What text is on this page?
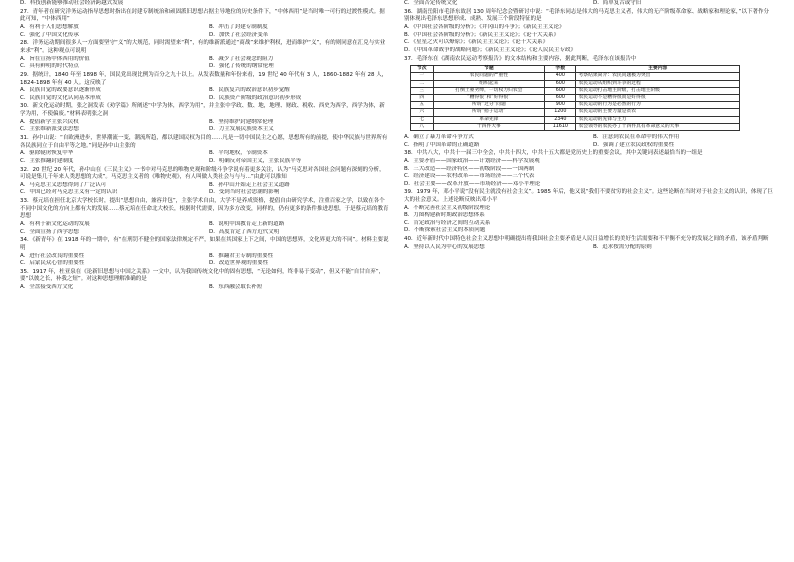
D．科技创新能够推动社会经济跨越式发展

27．青年者在研究洋务运动指导思想时指出在封建专制统治和顽固派旧思想占据主导地位的历史条件下，“中体西用”是当时唯一可行的过渡性模式。据此可知，“中体西用”

A．有利于人们思想解放	B．冲击了封建专制制度
C．强化了中国文化传承	D．加快了社会经济变革

28．洋务运动期间很多人一方面要坚守“义”的大规范，同时渴望来“利”，有的维新派通过“商战”来维护利权，进而维护“义”，有的则同意在汇兑与实业来求“利”。这种观点可说明

A．旨在宣扬中体西用的价值	B．减少了社会观念的阻力
C．具有鲜明的时代特点	D．强化了传统的纲常伦理

29．据统计，1840 年至 1898 年，国民党出现比例为百分之九十以上。从发表数量和年份来看，19 世纪 40 年代有 3 人，1860-1882 年有 28 人，1824-1898 年有 40 人。这反映了

A．民族自觉的政要意识逐渐形成	B．民族复兴的政治意识初步觉醒
C．民族自觉的文化认同基本形成	D．民族资产阶级的政治意识初步形成

30．新文化运动时期，张之洞发表《劝学篇》所阐述“中学为体，西学为用”，并主张中学政、数、地，地理、财政、税收、西史为西学，西学为体，新学为用，不使偏废。”材料表明张之洞

A．提倡新学主张兴民权	B．坚持维护封建纲常伦理
C．主张维新派变法思想	D．力主发展民族资本主义

31．孙中山说：“自欧洲进步，世界潮流一变，潮流所趋，都以建国民权为目的……凡是一切中国民主之心愿，思想所有的前提，使中华民族与世界所有各民族同立于自由平等之地。”同是孙中山主张的

A．驱除鞑虏恢复中华	B．平均地权，节制资本
C．主张推翻封建制度	D．明确反对帝国主义，主张民族平等

32．20 世纪 20 年代，孙中山在《三民主义》一书中对马克思的唯物史观和阶级斗争学说有着更多关注，认为“马克思对各国社会问题有深刻的分析，可说是集几千年来人类思想的大成”。马克思主义者的《唯物史观》，有人叫做人类社会与与与...”由此可以推知

A．马克思主义思想得到了广泛认可	B．孙中山开始走上社会主义道路
C．中国已经对马克思主义有一定的认识	D．受到当时社会思潮的影响

33．蔡元培在担任北京大学校长时，提出“思想自由，兼容并包”，主张学术自由，大学不是养成资格，提倡自由研究学术，注重百家之学，以致在各个不同中国文化的方向上都有大的发展……蔡元培在任命北大校长，根据时代需要，因为多方改变，同样的，仍有更多的条件推进思想，于是蔡元培的教育思想

A．有利于新文化运动的发展	B．说明中国教育走上新的道路
C．全面宣扬了西学思想	D．高度肯定了西方近代文明

34．《新青年》在 1918 年的一期中，有“在刑罚不健全的国家法律规定不严，如果在其国家上下之间，中国的思想界，文化界更大的不同”。材料主要说明

A．进行社会改良的重要性	B．推翻君主专制的重要性
C．启蒙民众心智的重要性	D．改造世界观的重要性

35．1917 年，杜亚泉在《论新旧思想与中国之关系》一文中，认为我国传统文化中的固有思想，“无论如何，终非易于变动”，但又不能“自甘自弃”，要“以彼之长，补我之短”。对这种思想理解准确的是

A．全盘接受西方文化	B．东西融会取长补短
C．全面否定传统文化	D．简单复古或守旧

36．湖南岳阳市毛泽东故居 130 周年纪念会暨研讨中说：“毛泽东同志是伟大的马克思主义者，伟大的无产阶级革命家、战略家和理论家，”以下著作分别体现出毛泽东思想形成、成熟、发展三个阶段特征的是

A．《中国社会各阶级的分析》；《井冈山的斗争》；《新民主主义论》
B．《中国社会各阶级的分析》；《新民主主义论》；《论十大关系》
C．《星星之火可以燎原》；《新民主主义论》；《论十大关系》
D．《中国革命战争的战略问题》；《新民主主义论》；《论人民民主专政》

37．毛泽东在《湖南农民运动考察报告》的文本结构和主要内容，据此判断，毛泽东在该报告中

节次	节题	字数	主要内容
一	农民问题的严重性	400	考察结果简介：农民问题极为突出
二	组织起来	600	农民运动从组织到斗争的过程
三	打倒土豪劣绅，一切权力归农会	600	农民运动打击地主阶级，打击地主阶级
四	“糟得很”和“好得很”	600	农民运动不是糟得很而是好得很
五	所谓“过分”问题	900	农民运动的行为是必然的行为
六	所谓“痞子运动”	1200	农民运动的主要力量是贫农
七	革命先锋	2340	农民运动的先锋与主力
八	十四件大事	11610	农会领导的农民办了十四件具有革命意义的大事
A．确立了暴力革命斗争方式	B．注意到农民在革命中的伟大作用
C．指明了中国革命的正确道路	D．强调了建立农民政权的重要性

38．中共八大，中共十一届三中全会，中共十四大，中共十五大都是党历史上的重要会议，其中关键词表述最恰当的一组是

A．主要矛盾——国家政治——计划经济——科学发展观
B．三大改造——经济特区——初级阶段——一国两制
C．经济建设——农村改革——市场经济——三个代表
D．社会主要——改革开放——市场经济——邓小平理论

39．1979 年，邓小平说“没有民主就没有社会主义”。1985 年后，他又说“我们不要贫穷的社会主义”。这些论断在当时对于社会主义的认识，体现了巨大的社会意义。上述论断反映出邓小平

A．不断完善社会主义初级阶段理论
B．力图构建新时期政治思想体系
C．肯定政治与经济之间的互动关系
D．不断探索社会主义的本质问题

40．近年新时代中国特色社会主义思想中明确提出将我国社会主要矛盾是人民日益增长的美好生活需要和不平衡不充分的发展之间的矛盾，该矛盾判断

A．坚持以人民为中心的发展思想	B．追求按需分配的原则
